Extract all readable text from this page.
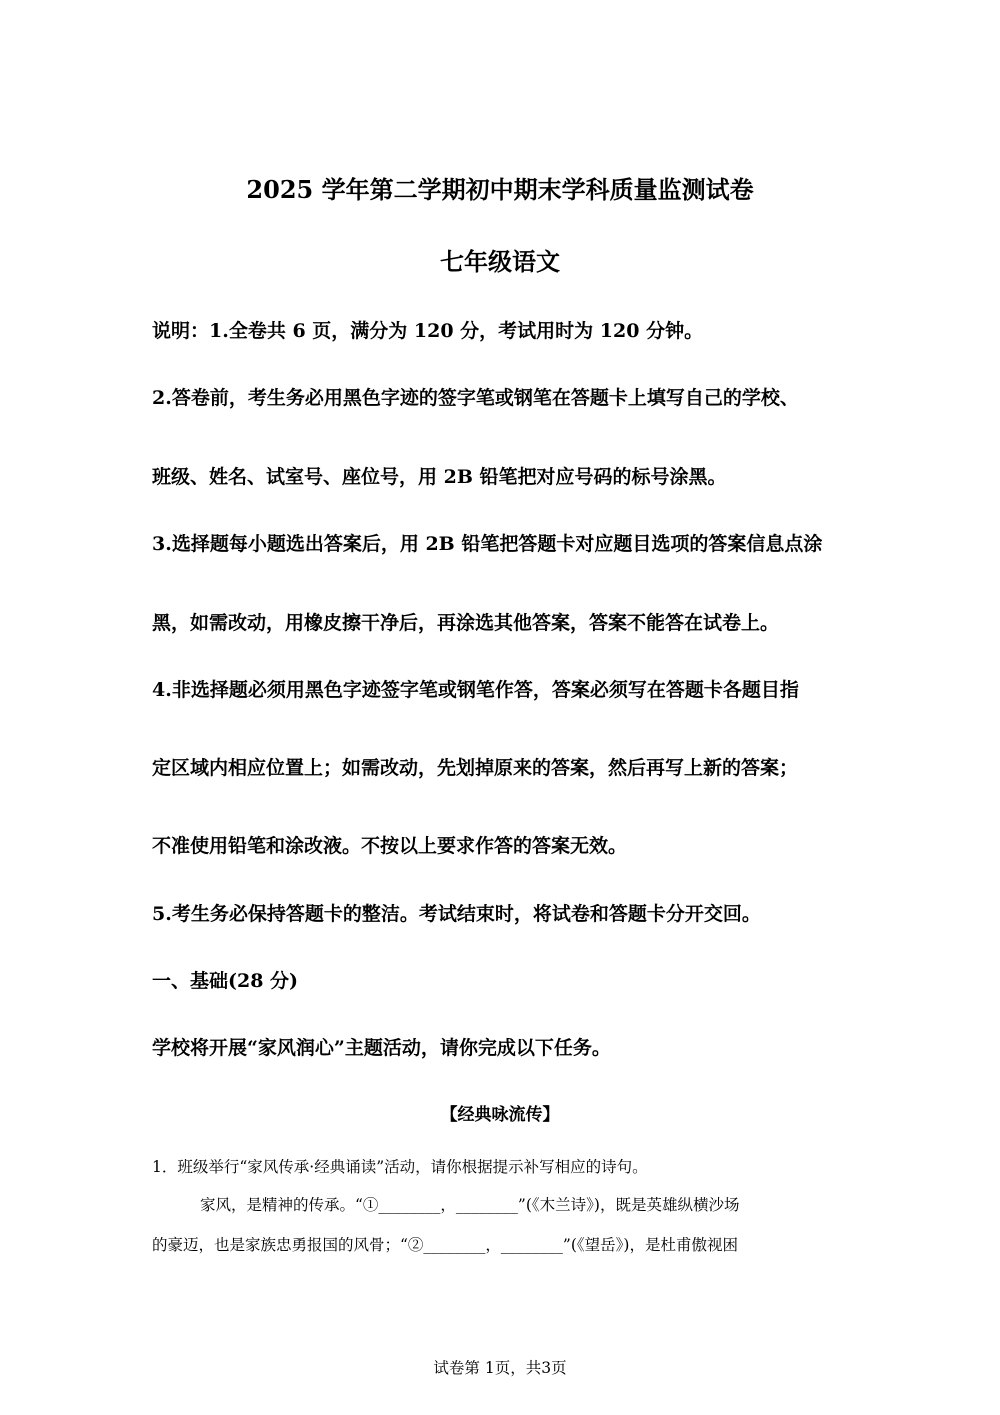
2025 学年第二学期初中期末学科质量监测试卷
七年级语文
说明：1.全卷共 6 页，满分为 120 分，考试用时为 120 分钟。
2.答卷前，考生务必用黑色字迹的签字笔或钢笔在答题卡上填写自己的学校、
班级、姓名、试室号、座位号，用 2B 铅笔把对应号码的标号涂黑。
3.选择题每小题选出答案后，用 2B 铅笔把答题卡对应题目选项的答案信息点涂
黑，如需改动，用橡皮擦干净后，再涂选其他答案，答案不能答在试卷上。
4.非选择题必须用黑色字迹签字笔或钢笔作答，答案必须写在答题卡各题目指
定区域内相应位置上；如需改动，先划掉原来的答案，然后再写上新的答案；
不准使用铅笔和涂改液。不按以上要求作答的答案无效。
5.考生务必保持答题卡的整洁。考试结束时，将试卷和答题卡分开交回。
一、基础(28 分)
学校将开展“家风润心”主题活动，请你完成以下任务。
【经典咏流传】
1．班级举行“家风传承·经典诵读”活动，请你根据提示补写相应的诗句。
家风，是精神的传承。“①________，________”(《木兰诗》)，既是英雄纵横沙场
的豪迈，也是家族忠勇报国的风骨；“②________，________”(《望岳》)，是杜甫傲视困
试卷第 1页，共3页
